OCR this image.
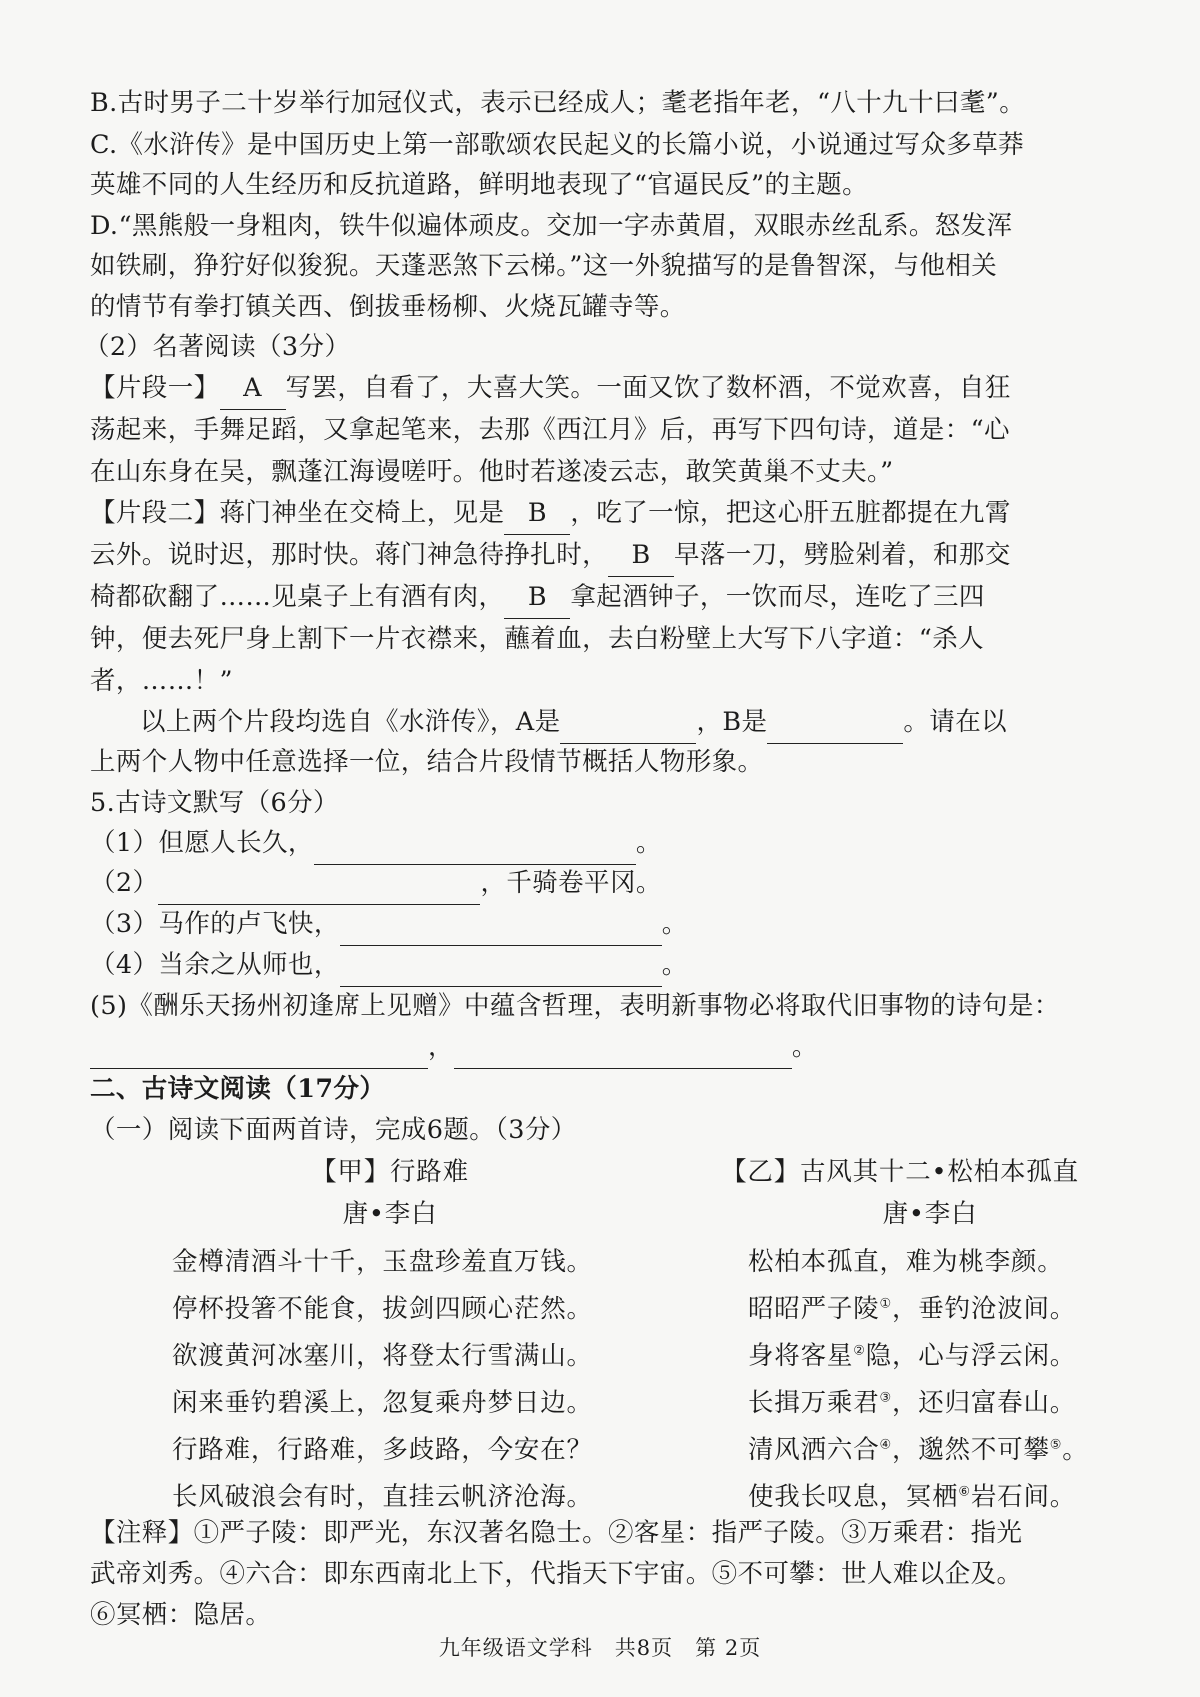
B.古时男子二十岁举行加冠仪式，表示已经成人；耄老指年老，“八十九十曰耄”。
C.《水浒传》是中国历史上第一部歌颂农民起义的长篇小说，小说通过写众多草莽
英雄不同的人生经历和反抗道路，鲜明地表现了“官逼民反”的主题。
D.“黑熊般一身粗肉，铁牛似遍体顽皮。交加一字赤黄眉，双眼赤丝乱系。怒发浑
如铁刷，狰狞好似狻猊。天蓬恶煞下云梯。”这一外貌描写的是鲁智深，与他相关
的情节有拳打镇关西、倒拔垂杨柳、火烧瓦罐寺等。
（2）名著阅读（3分）
【片段一】 A 写罢，自看了，大喜大笑。一面又饮了数杯酒，不觉欢喜，自狂
荡起来，手舞足蹈，又拿起笔来，去那《西江月》后，再写下四句诗，道是：“心
在山东身在吴，飘蓬江海谩嗟吁。他时若遂凌云志，敢笑黄巢不丈夫。”
【片段二】蒋门神坐在交椅上，见是 B ，吃了一惊，把这心肝五脏都提在九霄
云外。说时迟，那时快。蒋门神急待挣扎时， B 早落一刀，劈脸剁着，和那交
椅都砍翻了……见桌子上有酒有肉， B 拿起酒钟子，一饮而尽，连吃了三四
钟，便去死尸身上割下一片衣襟来，蘸着血，去白粉壁上大写下八字道：“杀人
者，……！”
以上两个片段均选自《水浒传》，A是	，B是	。请在以
上两个人物中任意选择一位，结合片段情节概括人物形象。
5.古诗文默写（6分）
（1）但愿人长久，	。
（2）	，千骑卷平冈。
（3）马作的卢飞快，	。
（4）当余之从师也，	。
(5)《酬乐天扬州初逢席上见赠》中蕴含哲理，表明新事物必将取代旧事物的诗句是：
，	。
二、古诗文阅读（17分）
（一）阅读下面两首诗，完成6题。（3分）
【甲】行路难
唐•李白
金樽清酒斗十千，玉盘珍羞直万钱。
停杯投箸不能食，拔剑四顾心茫然。
欲渡黄河冰塞川，将登太行雪满山。
闲来垂钓碧溪上，忽复乘舟梦日边。
行路难，行路难，多歧路，今安在？
长风破浪会有时，直挂云帆济沧海。
【乙】古风其十二•松柏本孤直
唐•李白
松柏本孤直，难为桃李颜。
昭昭严子陵①，垂钓沧波间。
身将客星②隐，心与浮云闲。
长揖万乘君③，还归富春山。
清风洒六合④，邈然不可攀⑤。
使我长叹息，冥栖⑥岩石间。
【注释】①严子陵：即严光，东汉著名隐士。②客星：指严子陵。③万乘君：指光
武帝刘秀。④六合：即东西南北上下，代指天下宇宙。⑤不可攀：世人难以企及。
⑥冥栖：隐居。
九年级语文学科　共8页　第 2页
